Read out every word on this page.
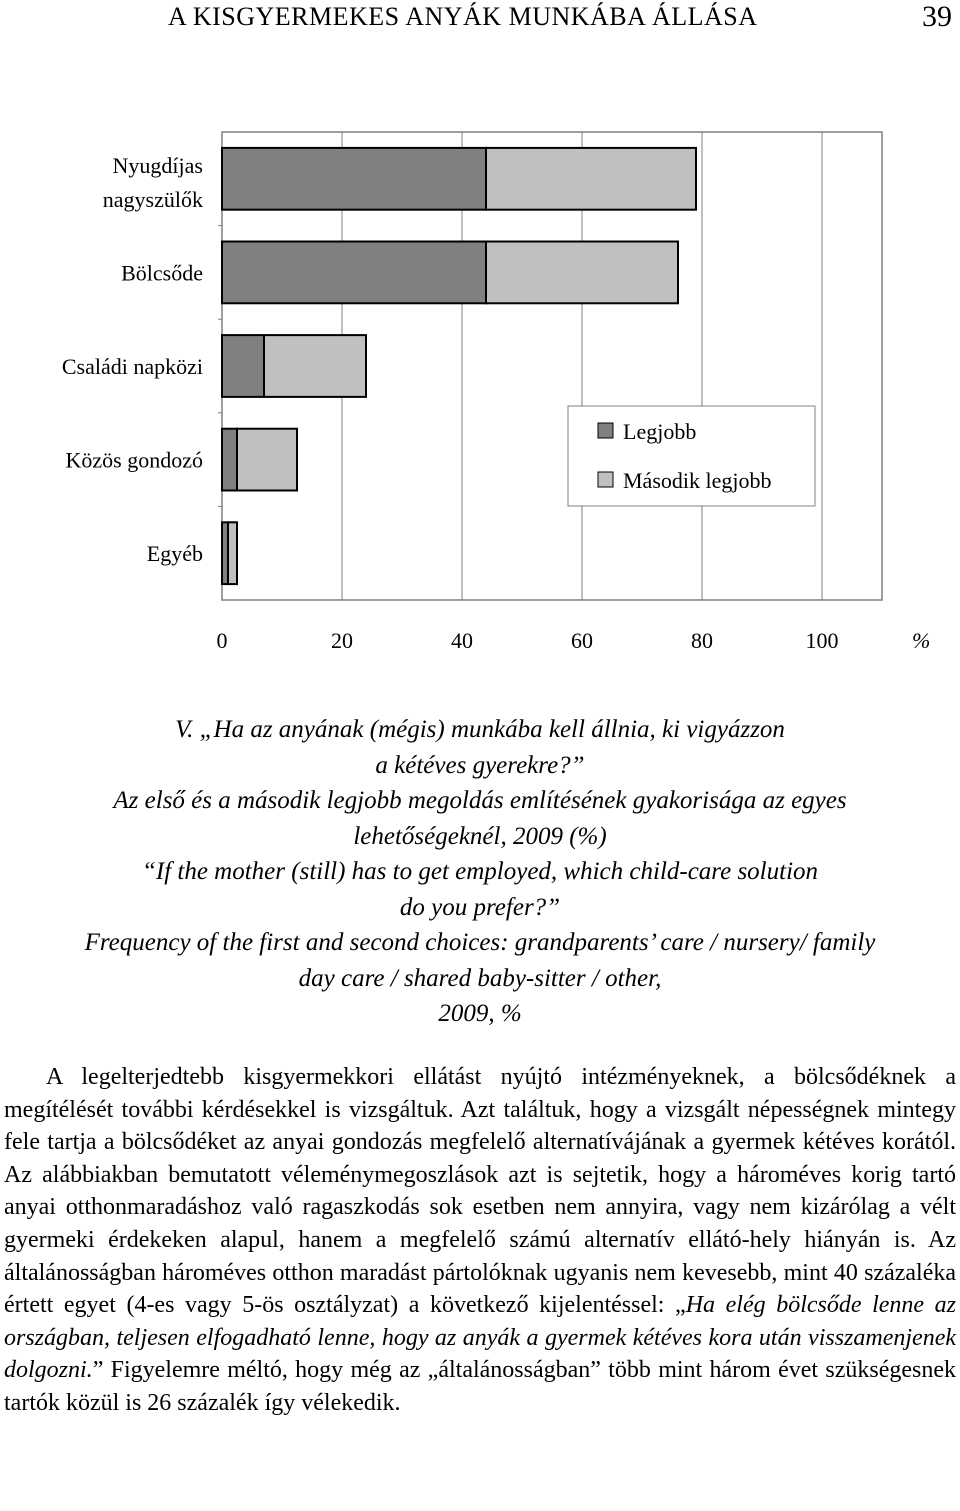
A KISGYERMEKES ANYÁK MUNKÁBA ÁLLÁSA	39
Nyugdíjas nagyszülők
Bölcsőde
Családi napközi
Közös gondozó
Egyéb
0	20	40	60	80	100	%
Legjobb
Második legjobb

V. „Ha az anyának (mégis) munkába kell állnia, ki vigyázzon

a kétéves gyerekre?”

Az első és a második legjobb megoldás említésének gyakorisága az egyes

lehetőségeknél, 2009 (%)

“If the mother (still) has to get employed, which child-care solution

do you prefer?”

Frequency of the first and second choices: grandparents’ care / nursery/ family

day care / shared baby-sitter / other,

2009, %

A legelterjedtebb kisgyermekkori ellátást nyújtó intézményeknek, a bölcsődéknek a megítélését további kérdésekkel is vizsgáltuk. Azt találtuk, hogy a vizsgált népességnek mintegy fele tartja a bölcsődéket az anyai gondozás megfelelő alternatívájának a gyermek kétéves korától. Az alábbiakban bemutatott véleménymegoszlások azt is sejtetik, hogy a hároméves korig tartó anyai otthonmaradáshoz való ragaszkodás sok esetben nem annyira, vagy nem kizárólag a vélt gyermeki érdekeken alapul, hanem a megfelelő számú alternatív ellátó-hely hiányán is. Az általánosságban hároméves otthon maradást pártolóknak ugyanis nem kevesebb, mint 40 százaléka értett egyet (4-es vagy 5-ös osztályzat) a következő kijelentéssel: „Ha elég bölcsőde lenne az országban, teljesen elfogadható lenne, hogy az anyák a gyermek kétéves kora után visszamenjenek dolgozni.” Figyelemre méltó, hogy még az „általánosságban” több mint három évet szükségesnek tartók közül is 26 százalék így vélekedik.
